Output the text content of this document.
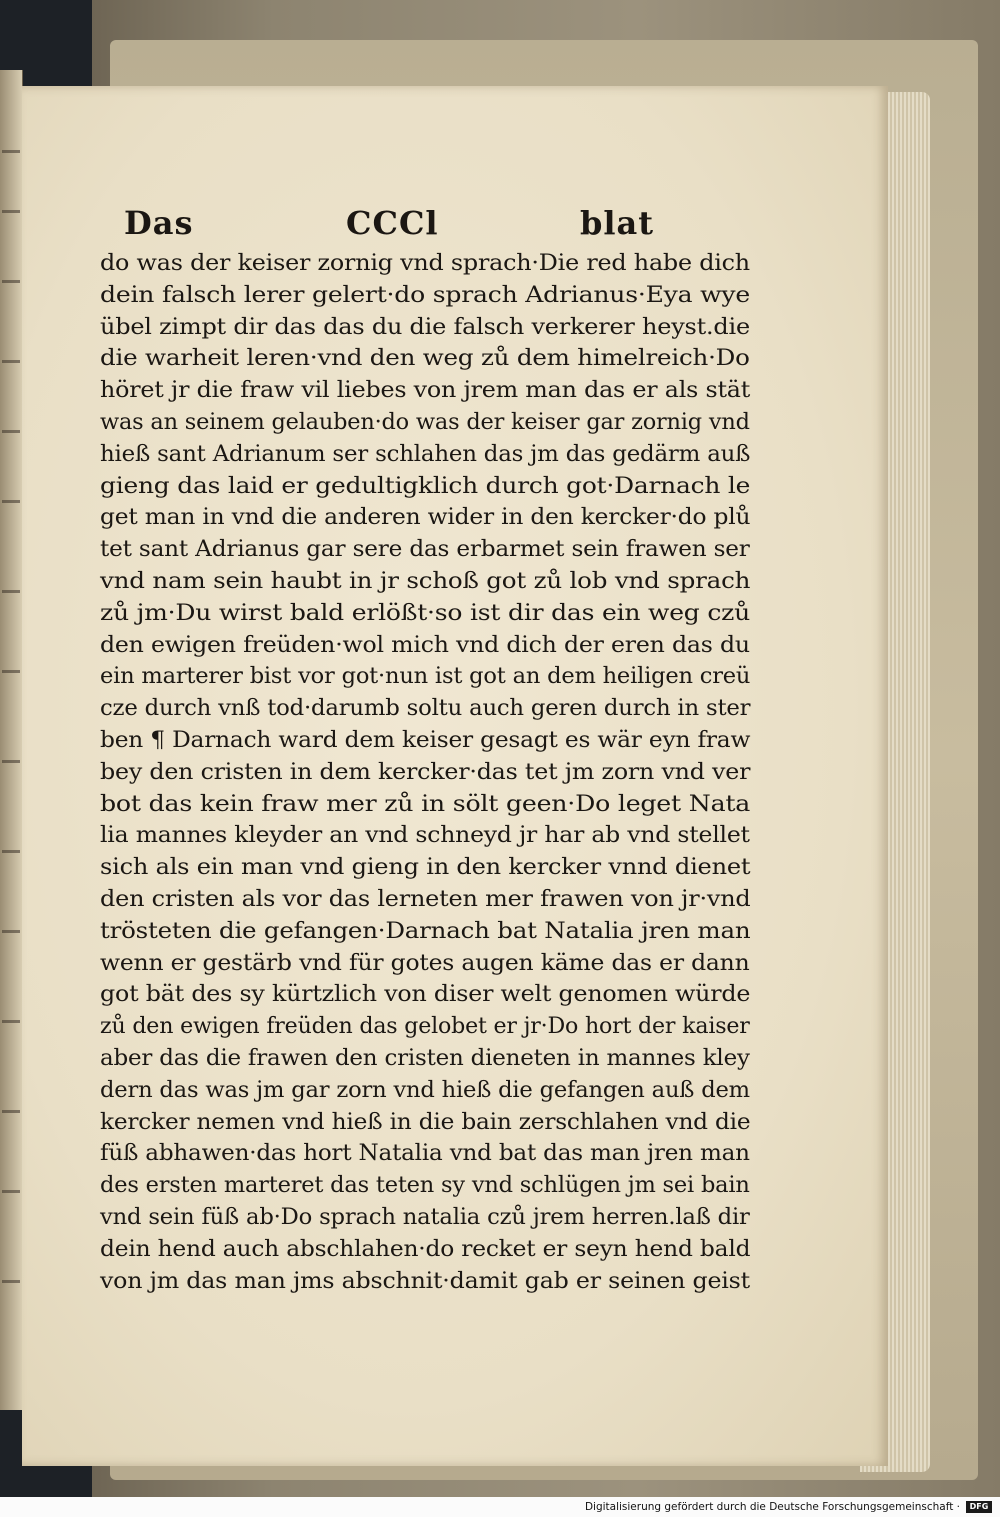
Das	CCCl	blat
do was der keiser zornig vnd sprach·Die red habe dich
dein falsch lerer gelert·do sprach Adrianus·Eya wye
übel zimpt dir das das du die falsch verkerer heyst.die
die warheit leren·vnd den weg zů dem himelreich·Do
höret jr die fraw vil liebes von jrem man das er als stät
was an seinem gelauben·do was der keiser gar zornig vnd
hieß sant Adrianum ser schlahen das jm das gedärm auß
gieng das laid er gedultigklich durch got·Darnach le
get man in vnd die anderen wider in den kercker·do plů
tet sant Adrianus gar sere das erbarmet sein frawen ser
vnd nam sein haubt in jr schoß got zů lob vnd sprach
zů jm·Du wirst bald erlößt·so ist dir das ein weg czů
den ewigen freüden·wol mich vnd dich der eren das du
ein marterer bist vor got·nun ist got an dem heiligen creü
cze durch vnß tod·darumb soltu auch geren durch in ster
ben ¶ Darnach ward dem keiser gesagt es wär eyn fraw
bey den cristen in dem kercker·das tet jm zorn vnd ver
bot das kein fraw mer zů in sölt geen·Do leget Nata
lia mannes kleyder an vnd schneyd jr har ab vnd stellet
sich als ein man vnd gieng in den kercker vnnd dienet
den cristen als vor das lerneten mer frawen von jr·vnd
trösteten die gefangen·Darnach bat Natalia jren man
wenn er gestärb vnd für gotes augen käme das er dann
got bät des sy kürtzlich von diser welt genomen würde
zů den ewigen freüden das gelobet er jr·Do hort der kaiser
aber das die frawen den cristen dieneten in mannes kley
dern das was jm gar zorn vnd hieß die gefangen auß dem
kercker nemen vnd hieß in die bain zerschlahen vnd die
füß abhawen·das hort Natalia vnd bat das man jren man
des ersten marteret das teten sy vnd schlügen jm sei bain
vnd sein füß ab·Do sprach natalia czů jrem herren.laß dir
dein hend auch abschlahen·do recket er seyn hend bald
von jm das man jms abschnit·damit gab er seinen geist
Digitalisierung gefördert durch die Deutsche Forschungsgemeinschaft ·	DFG
